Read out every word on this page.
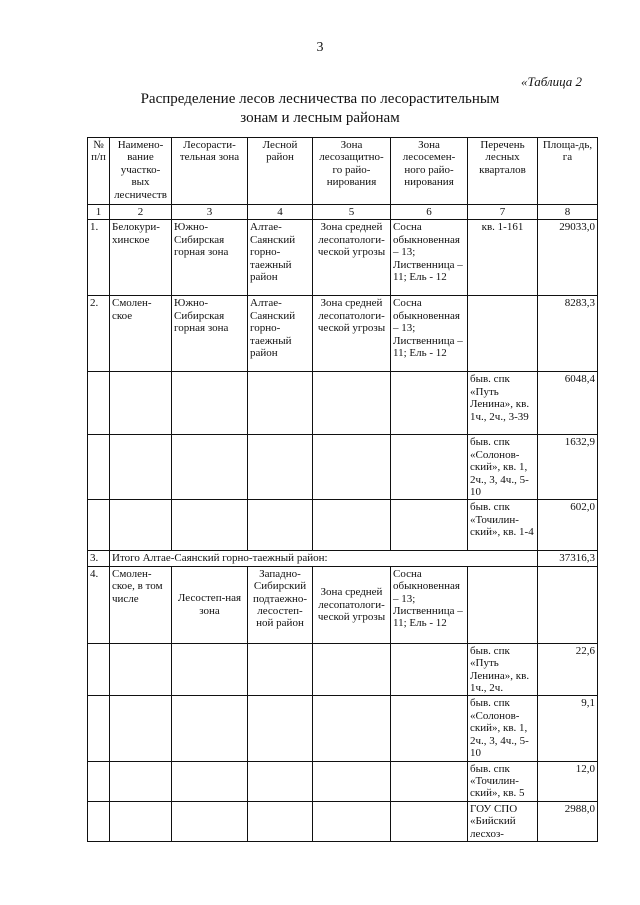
3
«Таблица 2
Распределение лесов лесничества по лесорастительным
зонам и лесным районам
№ п/п	Наимено-вание участко-вых лесничеств	Лесорасти-тельная зона	Лесной район	Зона лесозащитно-го райо-нирования	Зона лесосемен-ного райо-нирования	Перечень лесных кварталов	Площа-дь, га
1	2	3	4	5	6	7	8
1.	Белокури-хинское	Южно-Сибирская горная зона	Алтае-Саянский горно-таежный район	Зона средней лесопатологи-ческой угрозы	Сосна обыкновенная – 13; Лиственница – 11; Ель - 12	кв. 1-161	29033,0
2.	Смолен-ское	Южно-Сибирская горная зона	Алтае-Саянский горно-таежный район	Зона средней лесопатологи-ческой угрозы	Сосна обыкновенная – 13; Лиственница – 11; Ель - 12		8283,3
						быв. спк «Путь Ленина», кв. 1ч., 2ч., 3-39	6048,4
						быв. спк «Солонов-ский», кв. 1, 2ч., 3, 4ч., 5-10	1632,9
						быв. спк «Точилин-ский», кв. 1-4	602,0
3.	Итого Алтае-Саянский горно-таежный район:						37316,3
4.	Смолен-ское, в том числе	Лесостеп-ная зона	Западно-Сибирский подтаежно-лесостеп-ной район	Зона средней лесопатологи-ческой угрозы	Сосна обыкновенная – 13; Лиственница – 11; Ель - 12		
						быв. спк «Путь Ленина», кв. 1ч., 2ч.	22,6
						быв. спк «Солонов-ский», кв. 1, 2ч., 3, 4ч., 5-10	9,1
						быв. спк «Точилин-ский», кв. 5	12,0
						ГОУ СПО «Бийский лесхоз-	2988,0
